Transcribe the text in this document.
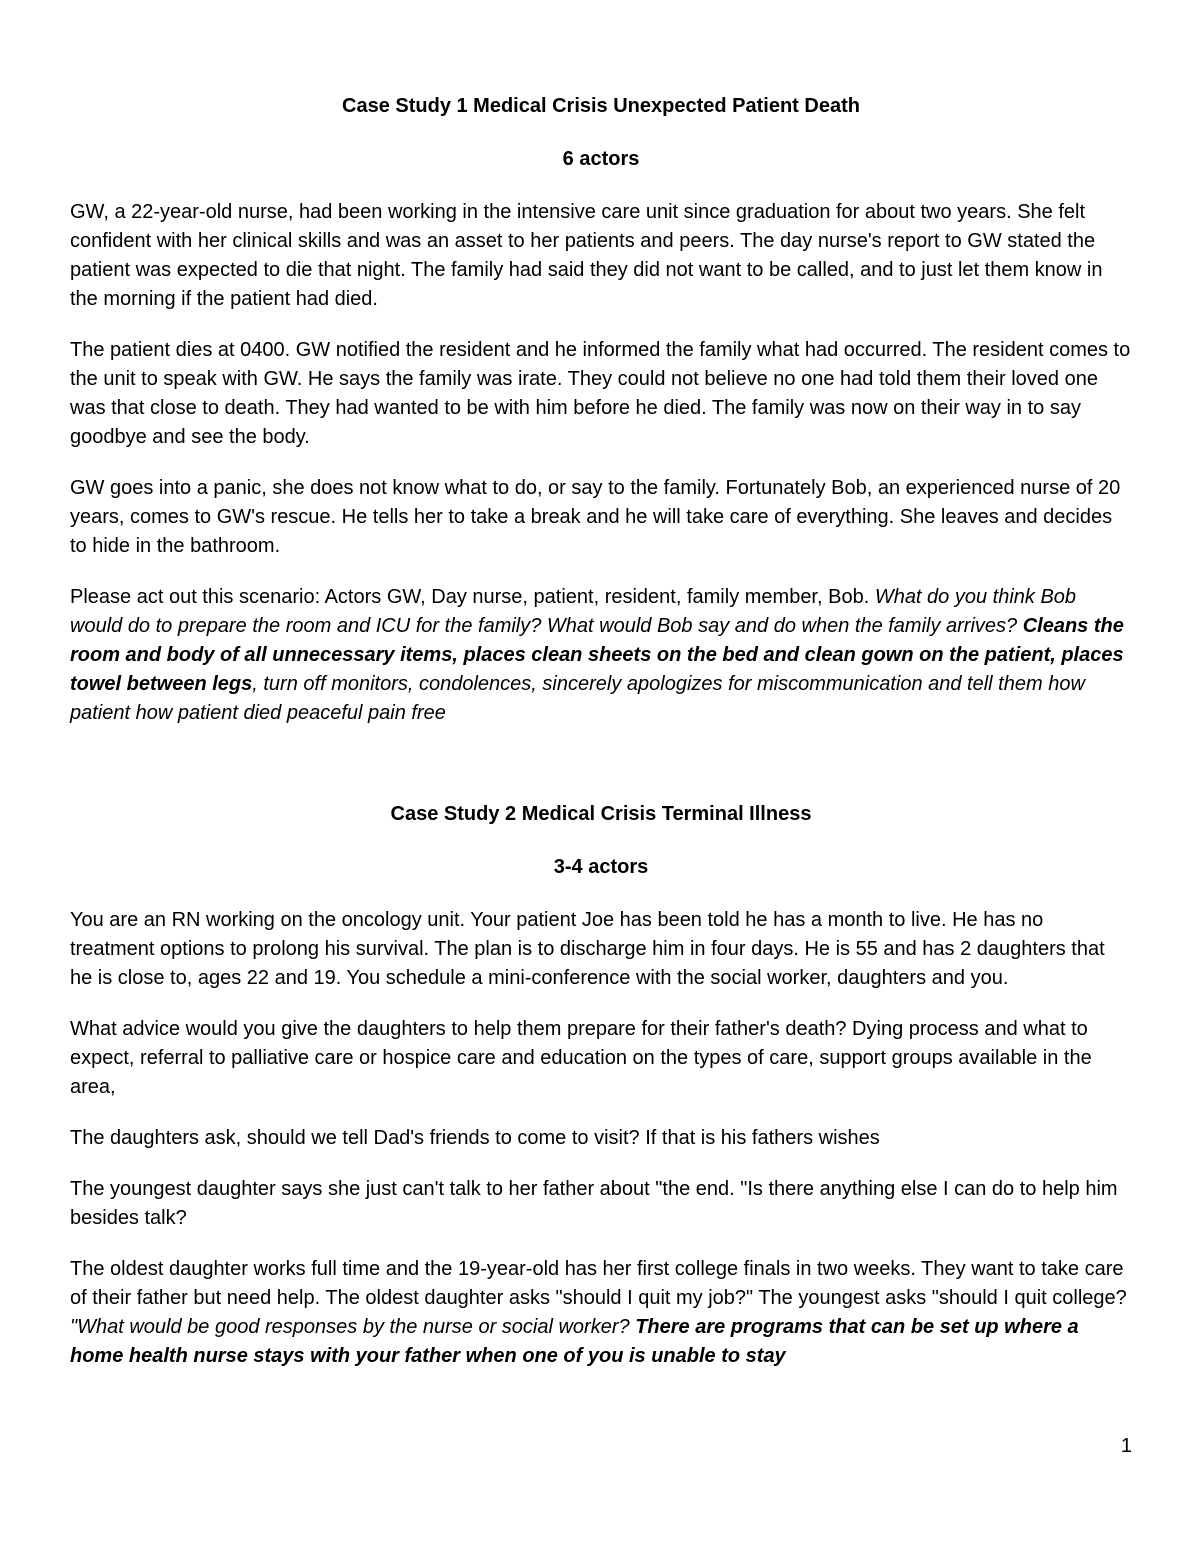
Case Study 1 Medical Crisis Unexpected Patient Death
6 actors

GW, a 22-year-old nurse, had been working in the intensive care unit since graduation for about two years. She felt confident with her clinical skills and was an asset to her patients and peers. The day nurse's report to GW stated the patient was expected to die that night. The family had said they did not want to be called, and to just let them know in the morning if the patient had died.

The patient dies at 0400. GW notified the resident and he informed the family what had occurred. The resident comes to the unit to speak with GW. He says the family was irate. They could not believe no one had told them their loved one was that close to death. They had wanted to be with him before he died. The family was now on their way in to say goodbye and see the body.

GW goes into a panic, she does not know what to do, or say to the family. Fortunately Bob, an experienced nurse of 20 years, comes to GW's rescue. He tells her to take a break and he will take care of everything. She leaves and decides to hide in the bathroom.

Please act out this scenario: Actors GW, Day nurse, patient, resident, family member, Bob. What do you think Bob would do to prepare the room and ICU for the family? What would Bob say and do when the family arrives? Cleans the room and body of all unnecessary items, places clean sheets on the bed and clean gown on the patient, places towel between legs, turn off monitors, condolences, sincerely apologizes for miscommunication and tell them how patient how patient died peaceful pain free

Case Study 2 Medical Crisis Terminal Illness
3-4 actors

You are an RN working on the oncology unit. Your patient Joe has been told he has a month to live. He has no treatment options to prolong his survival. The plan is to discharge him in four days. He is 55 and has 2 daughters that he is close to, ages 22 and 19. You schedule a mini-conference with the social worker, daughters and you.

What advice would you give the daughters to help them prepare for their father's death? Dying process and what to expect, referral to palliative care or hospice care and education on the types of care, support groups available in the area,

The daughters ask, should we tell Dad's friends to come to visit? If that is his fathers wishes

The youngest daughter says she just can't talk to her father about "the end. "Is there anything else I can do to help him besides talk?

The oldest daughter works full time and the 19-year-old has her first college finals in two weeks. They want to take care of their father but need help. The oldest daughter asks "should I quit my job?" The youngest asks "should I quit college? "What would be good responses by the nurse or social worker? There are programs that can be set up where a home health nurse stays with your father when one of you is unable to stay

1
